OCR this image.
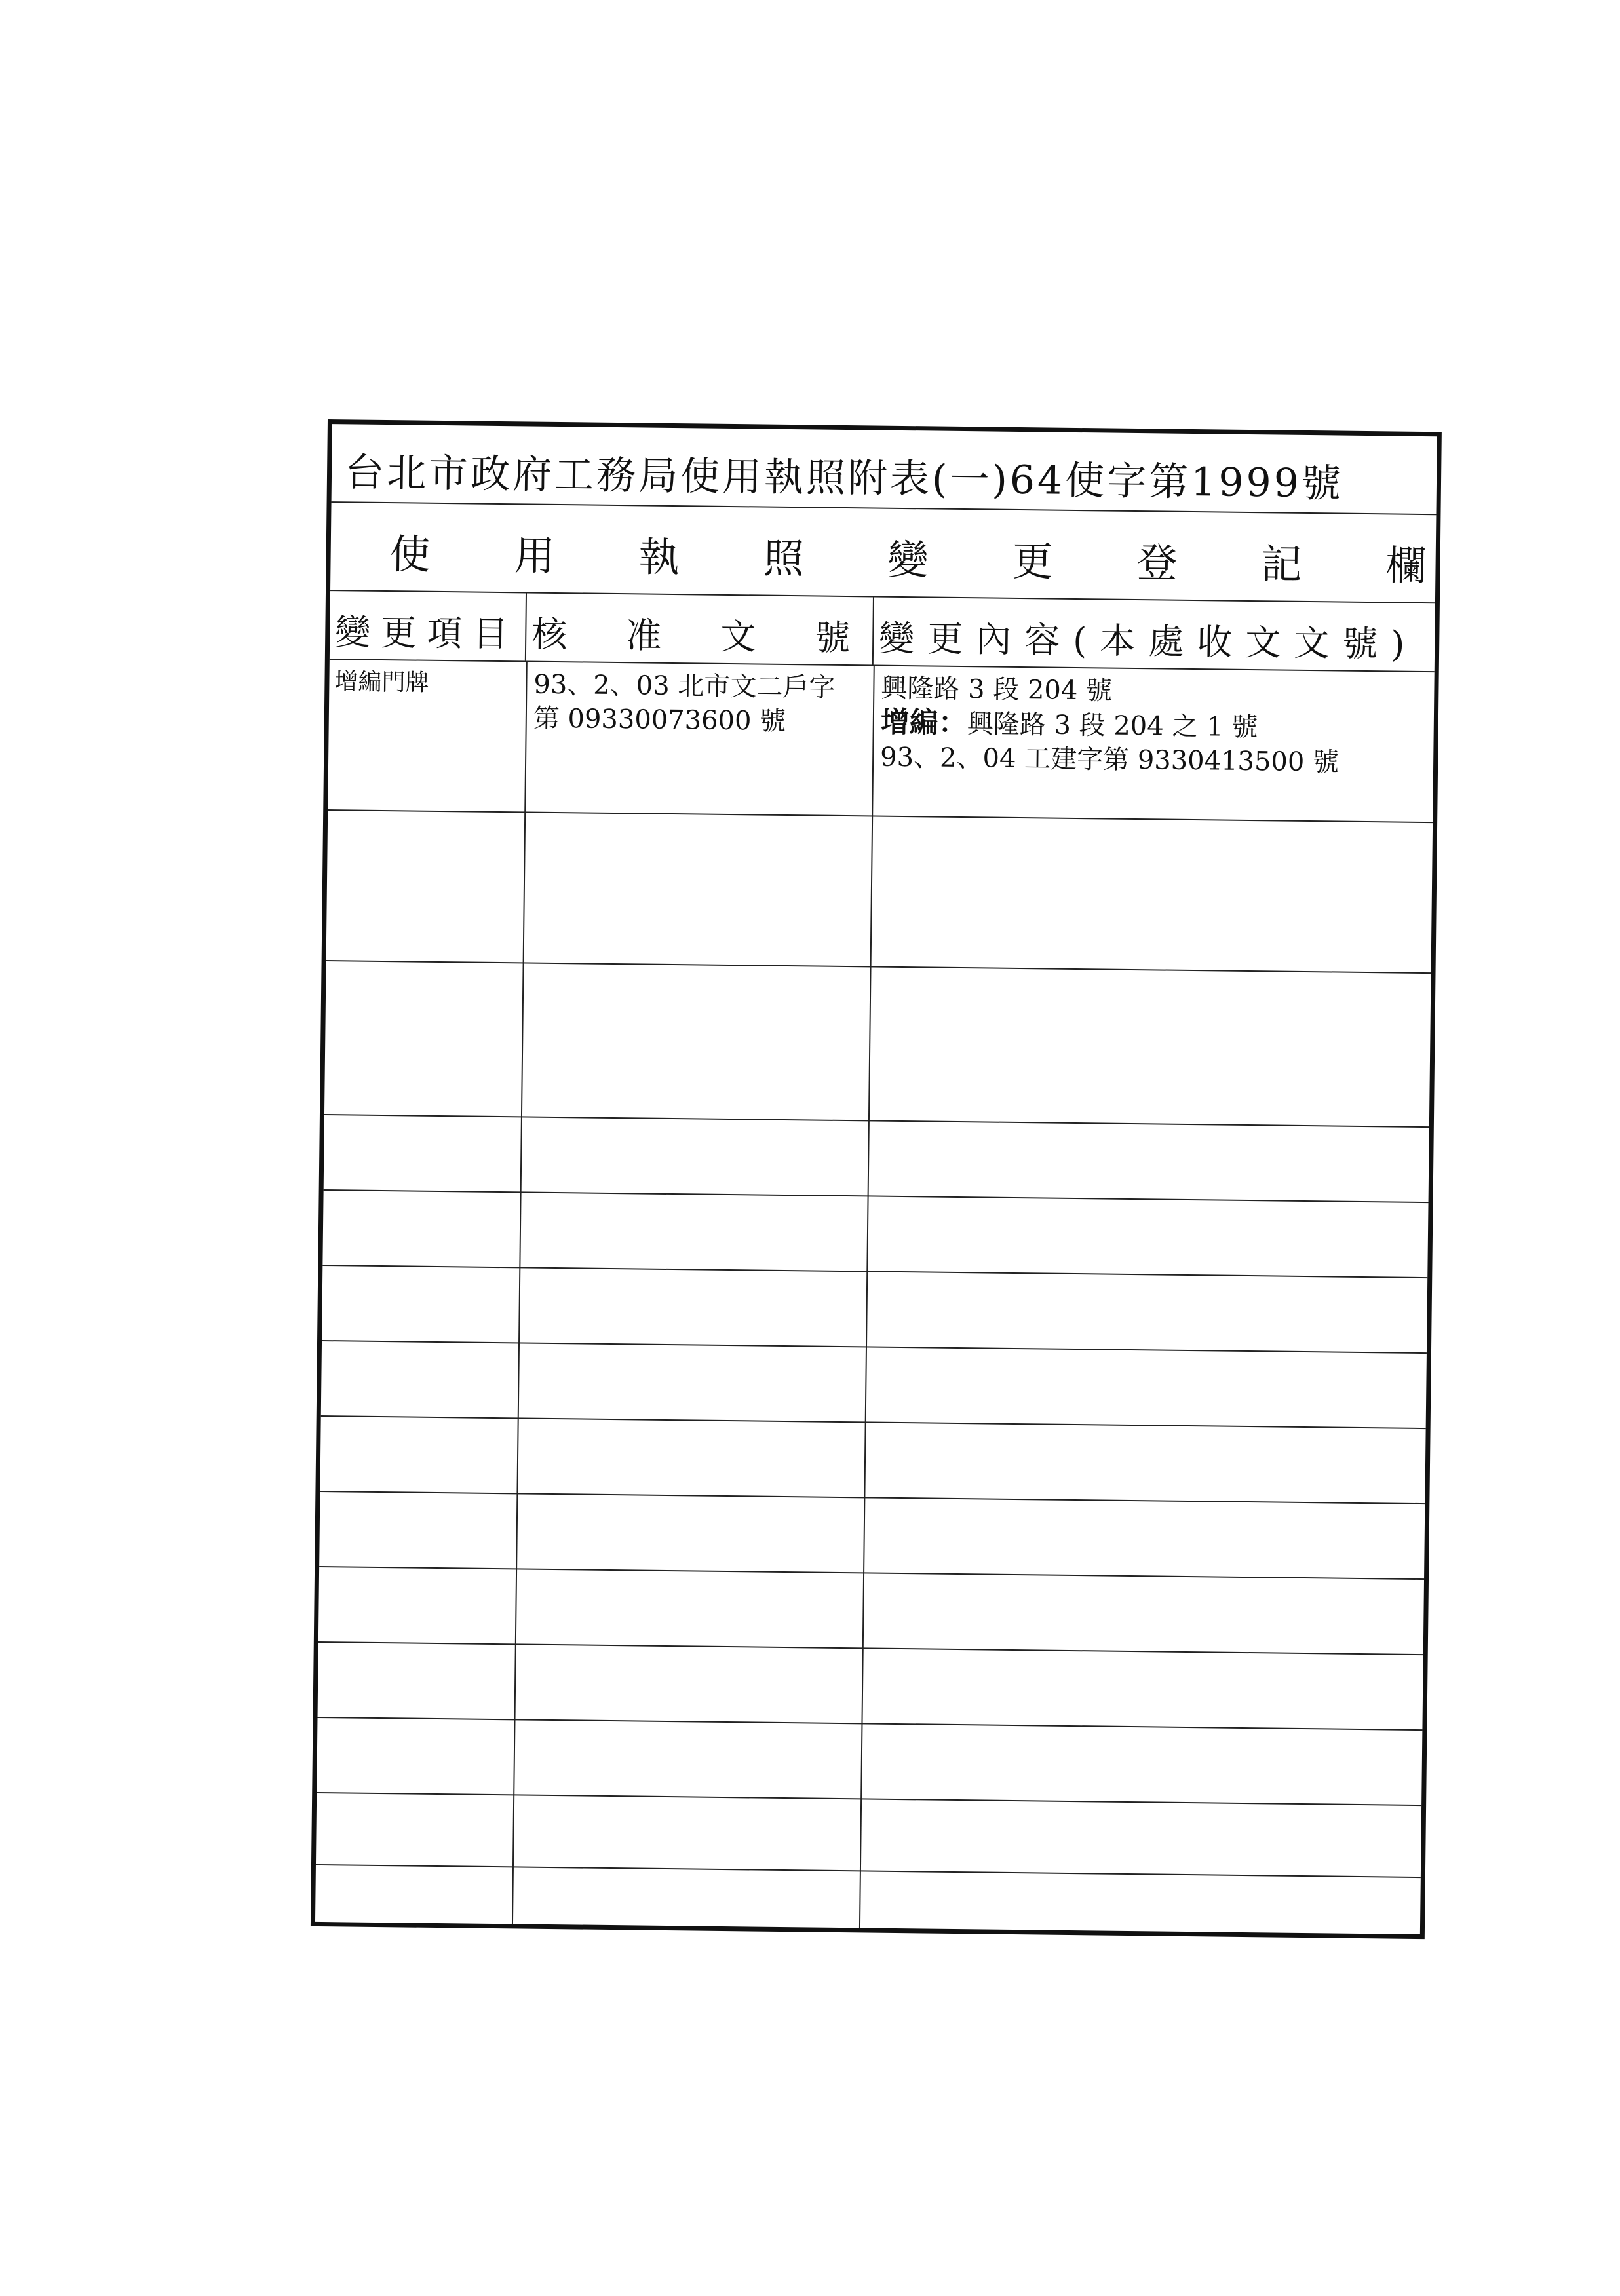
台北市政府工務局使用執照附表(一)64使字第1999號
使用執照變更登記欄
變更項目 核准文號
變更內容(本處收文文號)
增編門牌	93、2、03 北市文二戶字
第 09330073600 號
興隆路 3 段 204 號
增編：興隆路 3 段 204 之 1 號
93、2、04 工建字第 9330413500 號
